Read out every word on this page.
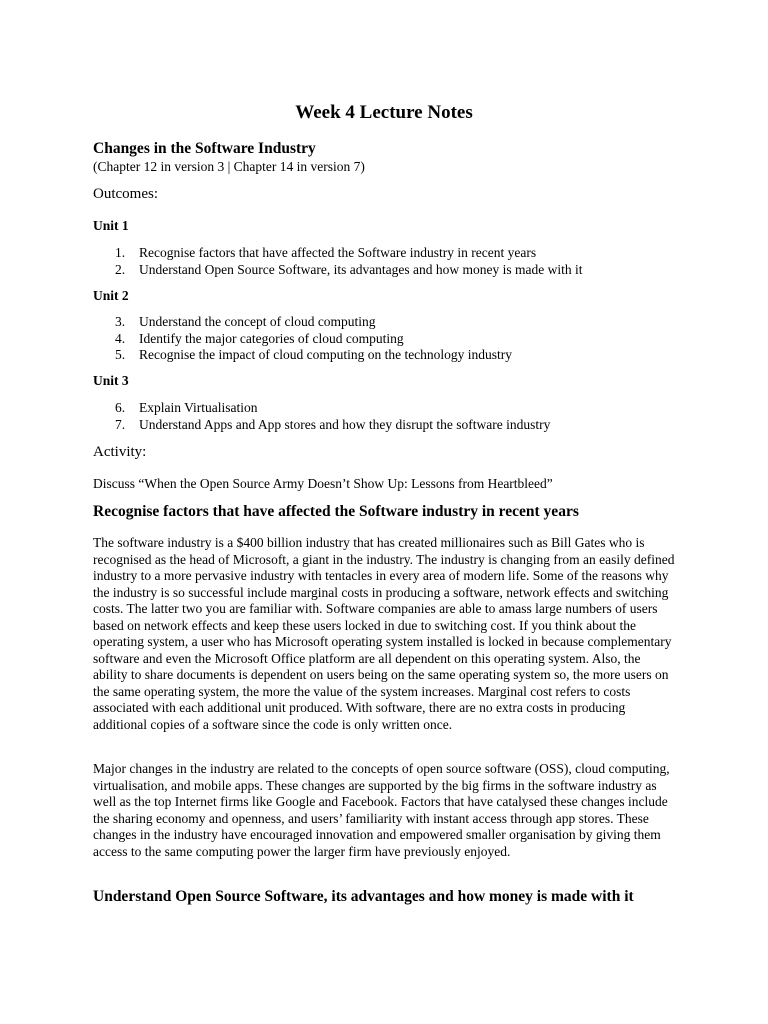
Week 4 Lecture Notes
Changes in the Software Industry
(Chapter 12 in version 3 | Chapter 14 in version 7)
Outcomes:
Unit 1
1. Recognise factors that have affected the Software industry in recent years
2. Understand Open Source Software, its advantages and how money is made with it
Unit 2
3. Understand the concept of cloud computing
4. Identify the major categories of cloud computing
5. Recognise the impact of cloud computing on the technology industry
Unit 3
6. Explain Virtualisation
7. Understand Apps and App stores and how they disrupt the software industry
Activity:
Discuss “When the Open Source Army Doesn’t Show Up: Lessons from Heartbleed”
Recognise factors that have affected the Software industry in recent years

The software industry is a $400 billion industry that has created millionaires such as Bill Gates who is recognised as the head of Microsoft, a giant in the industry. The industry is changing from an easily defined industry to a more pervasive industry with tentacles in every area of modern life. Some of the reasons why the industry is so successful include marginal costs in producing a software, network effects and switching costs. The latter two you are familiar with. Software companies are able to amass large numbers of users based on network effects and keep these users locked in due to switching cost. If you think about the operating system, a user who has Microsoft operating system installed is locked in because complementary software and even the Microsoft Office platform are all dependent on this operating system. Also, the ability to share documents is dependent on users being on the same operating system so, the more users on the same operating system, the more the value of the system increases. Marginal cost refers to costs associated with each additional unit produced. With software, there are no extra costs in producing additional copies of a software since the code is only written once.

Major changes in the industry are related to the concepts of open source software (OSS), cloud computing, virtualisation, and mobile apps. These changes are supported by the big firms in the software industry as well as the top Internet firms like Google and Facebook. Factors that have catalysed these changes include the sharing economy and openness, and users’ familiarity with instant access through app stores. These changes in the industry have encouraged innovation and empowered smaller organisation by giving them access to the same computing power the larger firm have previously enjoyed.

Understand Open Source Software, its advantages and how money is made with it
